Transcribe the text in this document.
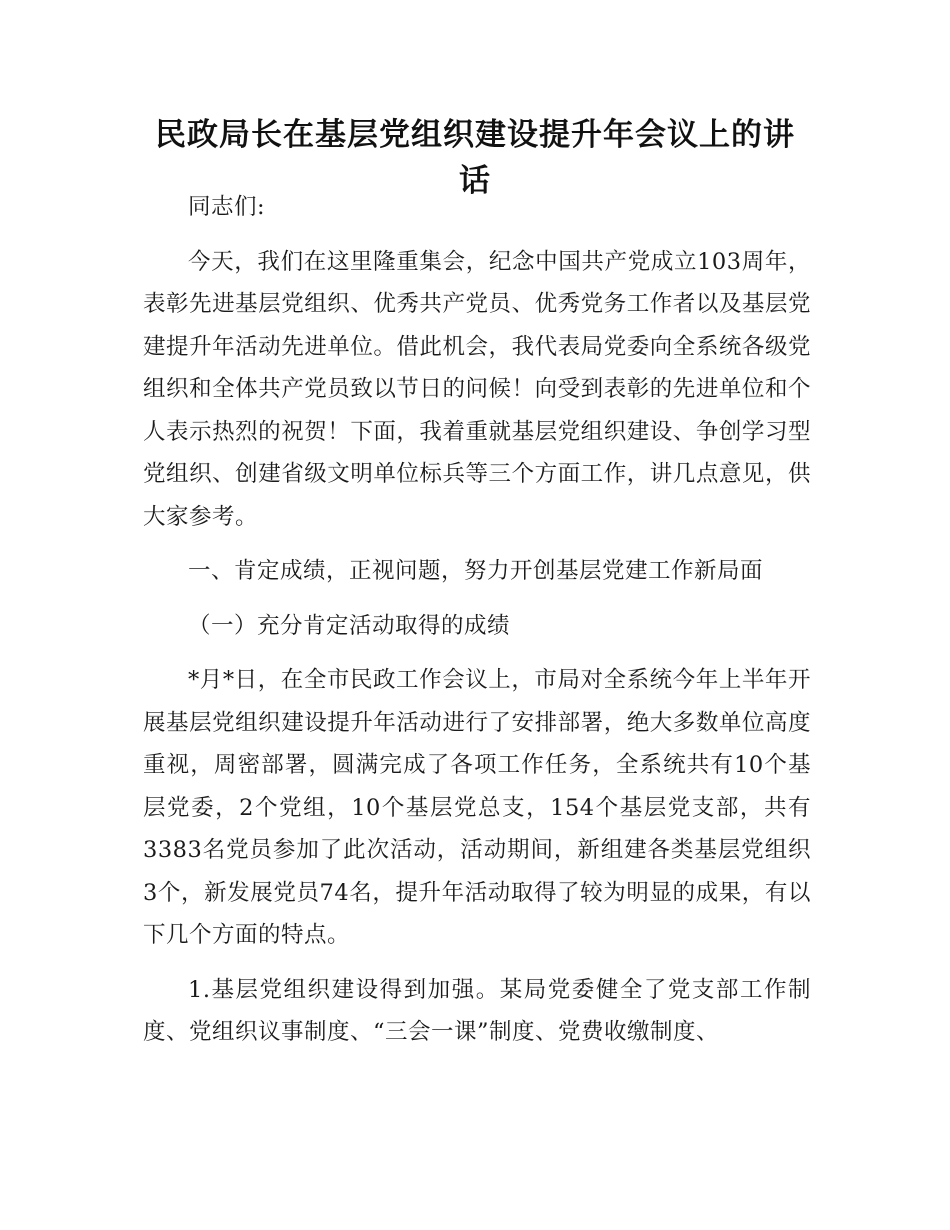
民政局长在基层党组织建设提升年会议上的讲话

同志们:

今天，我们在这里隆重集会，纪念中国共产党成立103周年，表彰先进基层党组织、优秀共产党员、优秀党务工作者以及基层党建提升年活动先进单位。借此机会，我代表局党委向全系统各级党组织和全体共产党员致以节日的问候！向受到表彰的先进单位和个人表示热烈的祝贺！下面，我着重就基层党组织建设、争创学习型党组织、创建省级文明单位标兵等三个方面工作，讲几点意见，供大家参考。

一、肯定成绩，正视问题，努力开创基层党建工作新局面

（一）充分肯定活动取得的成绩

*月*日，在全市民政工作会议上，市局对全系统今年上半年开展基层党组织建设提升年活动进行了安排部署，绝大多数单位高度重视，周密部署，圆满完成了各项工作任务，全系统共有10个基层党委，2个党组，10个基层党总支，154个基层党支部，共有3383名党员参加了此次活动，活动期间，新组建各类基层党组织3个，新发展党员74名，提升年活动取得了较为明显的成果，有以下几个方面的特点。

1.基层党组织建设得到加强。某局党委健全了党支部工作制度、党组织议事制度、“三会一课”制度、党费收缴制度、
